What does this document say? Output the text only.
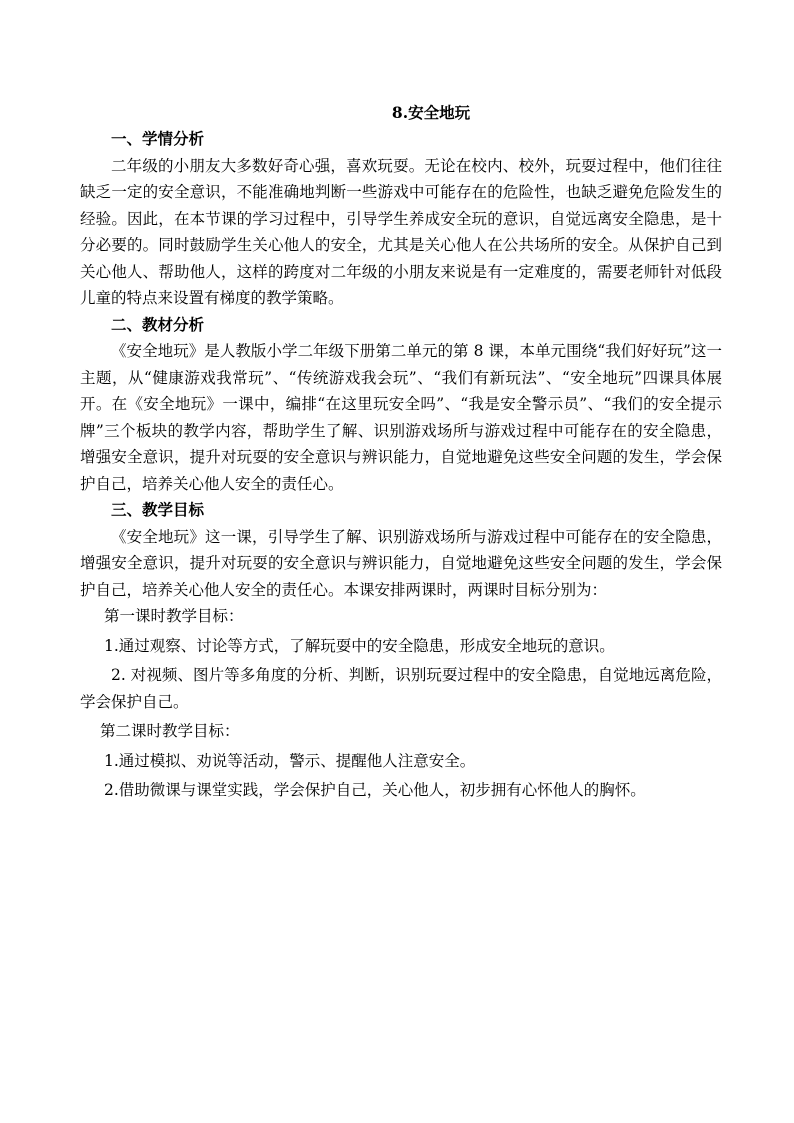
8.安全地玩

一、学情分析

二年级的小朋友大多数好奇心强，喜欢玩耍。无论在校内、校外，玩耍过程中，他们往往缺乏一定的安全意识，不能准确地判断一些游戏中可能存在的危险性，也缺乏避免危险发生的经验。因此，在本节课的学习过程中，引导学生养成安全玩的意识，自觉远离安全隐患，是十分必要的。同时鼓励学生关心他人的安全，尤其是关心他人在公共场所的安全。从保护自己到关心他人、帮助他人，这样的跨度对二年级的小朋友来说是有一定难度的，需要老师针对低段儿童的特点来设置有梯度的教学策略。

二、教材分析

《安全地玩》是人教版小学二年级下册第二单元的第 8 课，本单元围绕“我们好好玩”这一主题，从“健康游戏我常玩”、“传统游戏我会玩”、“我们有新玩法”、“安全地玩”四课具体展开。在《安全地玩》一课中，编排“在这里玩安全吗”、“我是安全警示员”、“我们的安全提示牌”三个板块的教学内容，帮助学生了解、识别游戏场所与游戏过程中可能存在的安全隐患，增强安全意识，提升对玩耍的安全意识与辨识能力，自觉地避免这些安全问题的发生，学会保护自己，培养关心他人安全的责任心。

三、教学目标

《安全地玩》这一课，引导学生了解、识别游戏场所与游戏过程中可能存在的安全隐患，增强安全意识，提升对玩耍的安全意识与辨识能力，自觉地避免这些安全问题的发生，学会保护自己，培养关心他人安全的责任心。本课安排两课时，两课时目标分别为：

第一课时教学目标：

1.通过观察、讨论等方式，了解玩耍中的安全隐患，形成安全地玩的意识。

2. 对视频、图片等多角度的分析、判断，识别玩耍过程中的安全隐患，自觉地远离危险，学会保护自己。

第二课时教学目标：

1.通过模拟、劝说等活动，警示、提醒他人注意安全。

2.借助微课与课堂实践，学会保护自己，关心他人，初步拥有心怀他人的胸怀。
